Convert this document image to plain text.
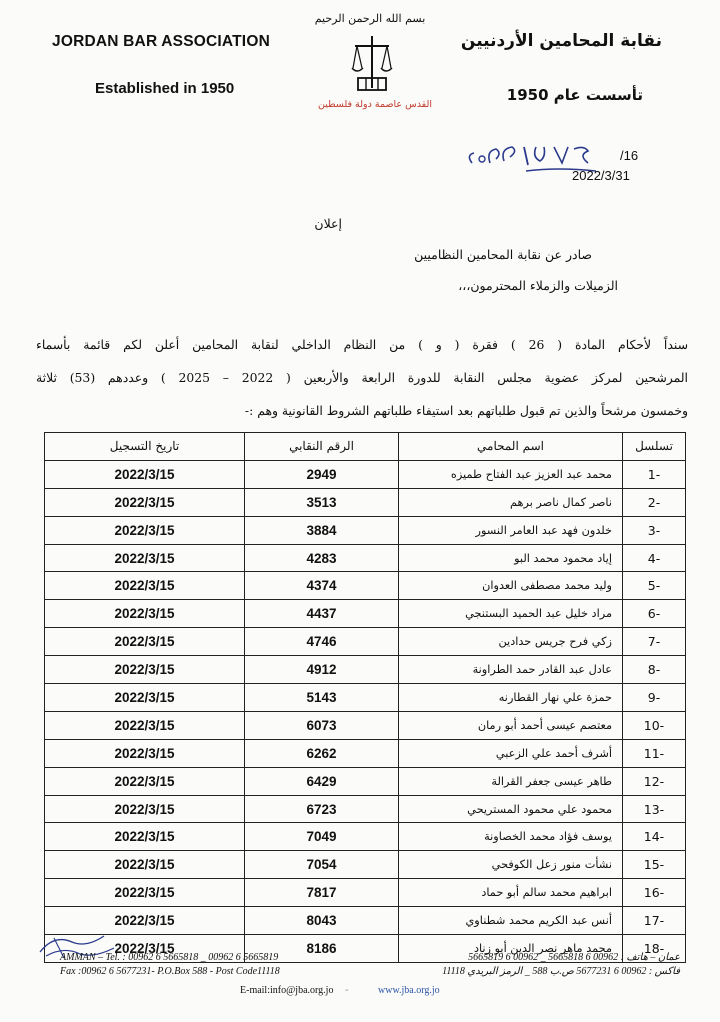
JORDAN BAR ASSOCIATION
Established in 1950
نقابة المحامين الأردنيين
تأسست عام 1950
بسم الله الرحمن الرحيم
القدس عاصمة دولة فلسطين
/16
2022/3/31
إعلان
صادر عن نقابة المحامين النظاميين
الزميلات والزملاء المحترمون،،،
سنداً لأحكام المادة ( 26 ) فقرة ( و ) من النظام الداخلي لنقابة المحامين أعلن لكم قائمة بأسماء
المرشحين لمركز عضوية مجلس النقابة للدورة الرابعة والأربعين ( 2022 – 2025 ) وعددهم (53) ثلاثة
وخمسون مرشحاً والذين تم قبول طلباتهم بعد استيفاء طلباتهم الشروط القانونية وهم :-
تسلسل	اسم المحامي	الرقم النقابي	تاريخ التسجيل
1-	محمد عبد العزيز عبد الفتاح طميزه	2949	2022/3/15
2-	ناصر كمال ناصر برهم	3513	2022/3/15
3-	خلدون فهد عبد العامر النسور	3884	2022/3/15
4-	إياد محمود محمد البو	4283	2022/3/15
5-	وليد محمد مصطفى العدوان	4374	2022/3/15
6-	مراد خليل عبد الحميد البستنجي	4437	2022/3/15
7-	زكي فرح جريس حدادين	4746	2022/3/15
8-	عادل عبد القادر حمد الطراونة	4912	2022/3/15
9-	حمزة علي نهار القطارنه	5143	2022/3/15
10-	معتصم عيسى أحمد أبو رمان	6073	2022/3/15
11-	أشرف أحمد علي الزعبي	6262	2022/3/15
12-	طاهر عيسى جعفر القرالة	6429	2022/3/15
13-	محمود علي محمود المستريحي	6723	2022/3/15
14-	يوسف فؤاد محمد الخصاونة	7049	2022/3/15
15-	نشأت منور زعل الكوفحي	7054	2022/3/15
16-	ابراهيم محمد سالم أبو حماد	7817	2022/3/15
17-	أنس عبد الكريم محمد شطناوي	8043	2022/3/15
18-	محمد ماهر نصر الدين أبو زناد	8186	2022/3/15
AMMAN – Tel. : 00962 6 5665818 _ 00962 6 5665819
Fax :00962 6 5677231- P.O.Box 588 - Post Code11118
عمان – هاتف : 00962 6 5665818 _ 00962 6 5665819
فاكس : 00962 6 5677231 ص.ب 588 _ الرمز البريدي 11118
E-mail:info@jba.org.jo -	www.jba.org.jo
